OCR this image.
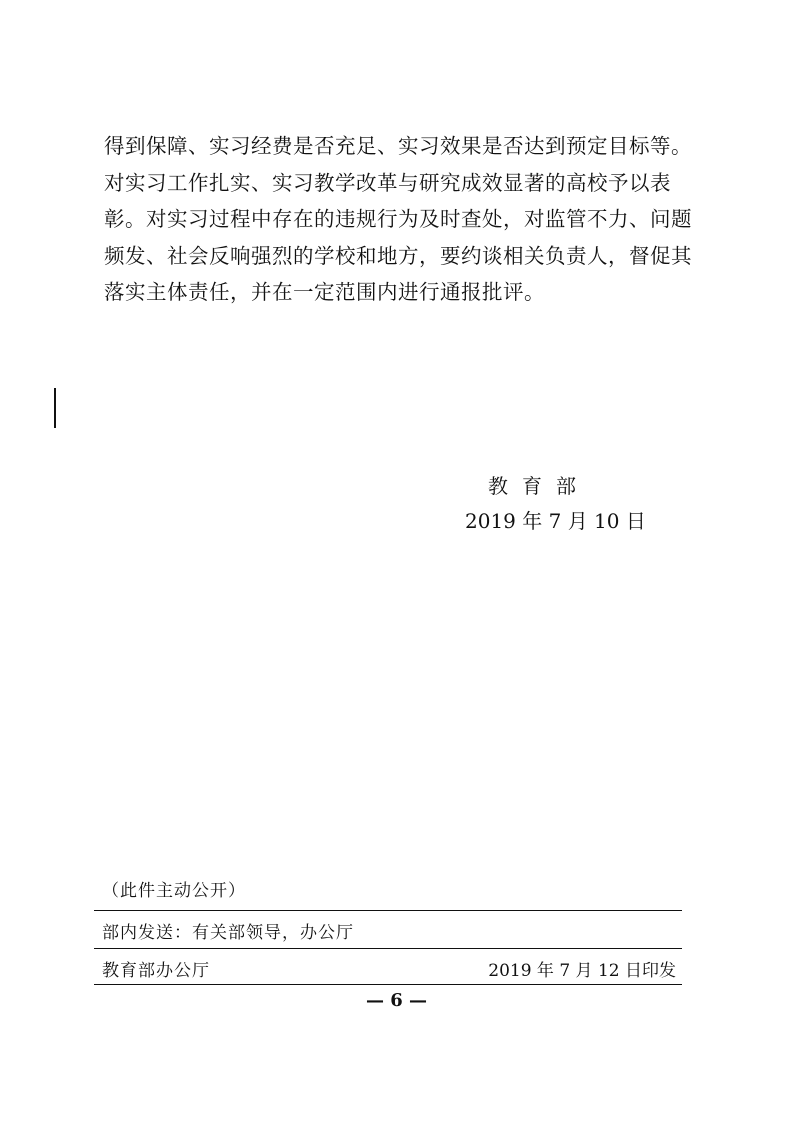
得到保障、实习经费是否充足、实习效果是否达到预定目标等。
对实习工作扎实、实习教学改革与研究成效显著的高校予以表
彰。对实习过程中存在的违规行为及时查处，对监管不力、问题
频发、社会反响强烈的学校和地方，要约谈相关负责人，督促其
落实主体责任，并在一定范围内进行通报批评。
教育部
2019 年 7 月 10 日
（此件主动公开）
部内发送：有关部领导，办公厅
教育部办公厅	2019 年 7 月 12 日印发
— 6 —
